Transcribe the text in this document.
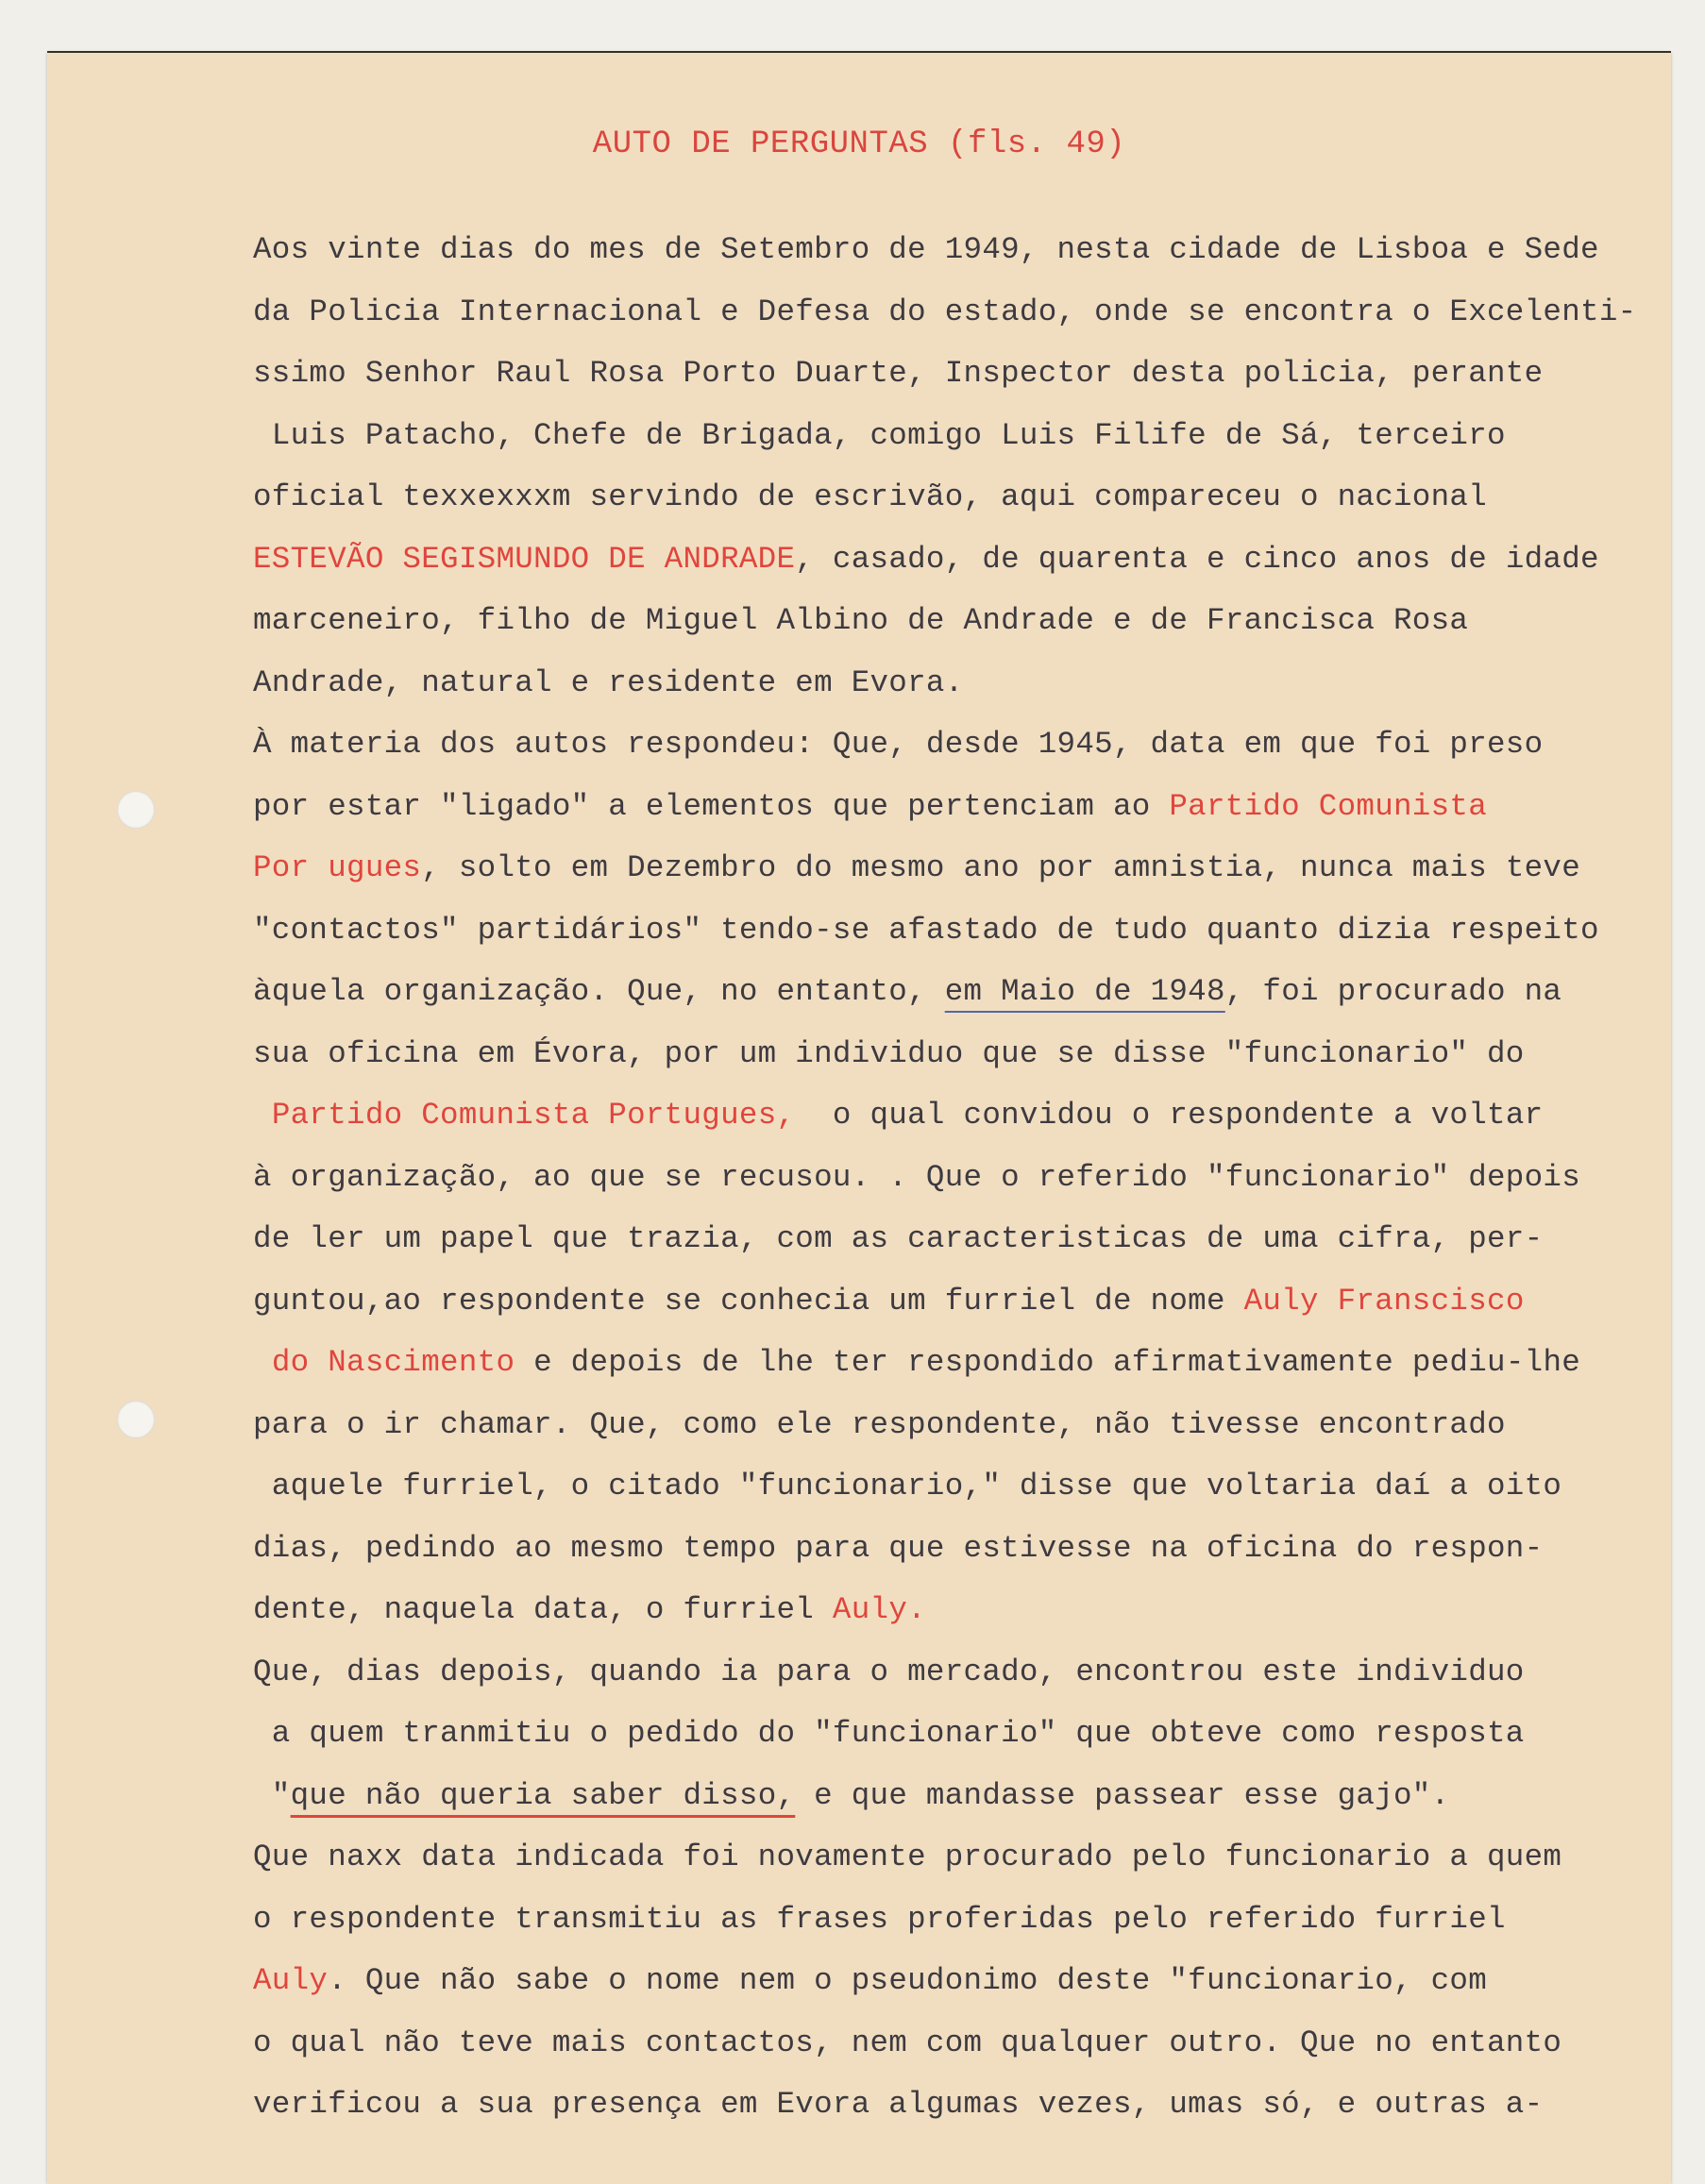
AUTO DE PERGUNTAS (fls. 49)
Aos vinte dias do mes de Setembro de 1949, nesta cidade de Lisboa e Sede
da Policia Internacional e Defesa do estado, onde se encontra o Excelenti-
ssimo Senhor Raul Rosa Porto Duarte, Inspector desta policia, perante
Luis Patacho, Chefe de Brigada, comigo Luis Filife de Sá, terceiro
oficial texxexxxm servindo de escrivão, aqui compareceu o nacional
ESTEVÃO SEGISMUNDO DE ANDRADE, casado, de quarenta e cinco anos de idade
marceneiro, filho de Miguel Albino de Andrade e de Francisca Rosa
Andrade, natural e residente em Evora.
À materia dos autos respondeu: Que, desde 1945, data em que foi preso
por estar "ligado" a elementos que pertenciam ao Partido Comunista
Por ugues, solto em Dezembro do mesmo ano por amnistia, nunca mais teve
"contactos" partidários" tendo-se afastado de tudo quanto dizia respeito
àquela organização. Que, no entanto, em Maio de 1948, foi procurado na
sua oficina em Évora, por um individuo que se disse "funcionario" do
Partido Comunista Portugues,  o qual convidou o respondente a voltar
à organização, ao que se recusou. . Que o referido "funcionario" depois
de ler um papel que trazia, com as caracteristicas de uma cifra, per-
guntou,ao respondente se conhecia um furriel de nome Auly Franscisco
do Nascimento e depois de lhe ter respondido afirmativamente pediu-lhe
para o ir chamar. Que, como ele respondente, não tivesse encontrado
aquele furriel, o citado "funcionario," disse que voltaria daí a oito
dias, pedindo ao mesmo tempo para que estivesse na oficina do respon-
dente, naquela data, o furriel Auly.
Que, dias depois, quando ia para o mercado, encontrou este individuo
a quem tranmitiu o pedido do "funcionario" que obteve como resposta
"que não queria saber disso, e que mandasse passear esse gajo".
Que naxx data indicada foi novamente procurado pelo funcionario a quem
o respondente transmitiu as frases proferidas pelo referido furriel
Auly. Que não sabe o nome nem o pseudonimo deste "funcionario, com
o qual não teve mais contactos, nem com qualquer outro. Que no entanto
verificou a sua presença em Evora algumas vezes, umas só, e outras a-
